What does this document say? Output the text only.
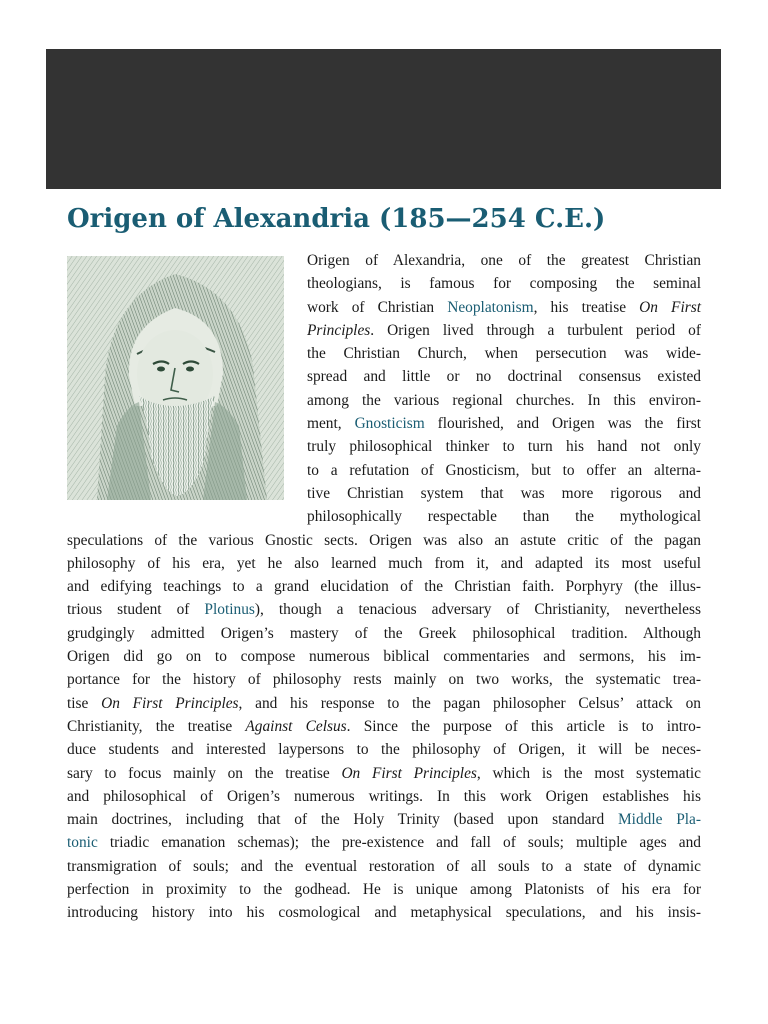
Origen of Alexandria (185—254 C.E.)
Origen of Alexandria, one of the greatest Christian
theologians, is famous for composing the seminal
work of Christian Neoplatonism, his treatise On First
Principles. Origen lived through a turbulent period of
the Christian Church, when persecution was wide-
spread and little or no doctrinal consensus existed
among the various regional churches. In this environ-
ment, Gnosticism flourished, and Origen was the first
truly philosophical thinker to turn his hand not only
to a refutation of Gnosticism, but to offer an alterna-
tive Christian system that was more rigorous and
philosophically respectable than the mythological
speculations of the various Gnostic sects. Origen was also an astute critic of the pagan
philosophy of his era, yet he also learned much from it, and adapted its most useful
and edifying teachings to a grand elucidation of the Christian faith. Porphyry (the illus-
trious student of Plotinus), though a tenacious adversary of Christianity, nevertheless
grudgingly admitted Origen’s mastery of the Greek philosophical tradition. Although
Origen did go on to compose numerous biblical commentaries and sermons, his im-
portance for the history of philosophy rests mainly on two works, the systematic trea-
tise On First Principles, and his response to the pagan philosopher Celsus’ attack on
Christianity, the treatise Against Celsus. Since the purpose of this article is to intro-
duce students and interested laypersons to the philosophy of Origen, it will be neces-
sary to focus mainly on the treatise On First Principles, which is the most systematic
and philosophical of Origen’s numerous writings. In this work Origen establishes his
main doctrines, including that of the Holy Trinity (based upon standard Middle Pla-
tonic triadic emanation schemas); the pre-existence and fall of souls; multiple ages and
transmigration of souls; and the eventual restoration of all souls to a state of dynamic
perfection in proximity to the godhead. He is unique among Platonists of his era for
introducing history into his cosmological and metaphysical speculations, and his insis-
